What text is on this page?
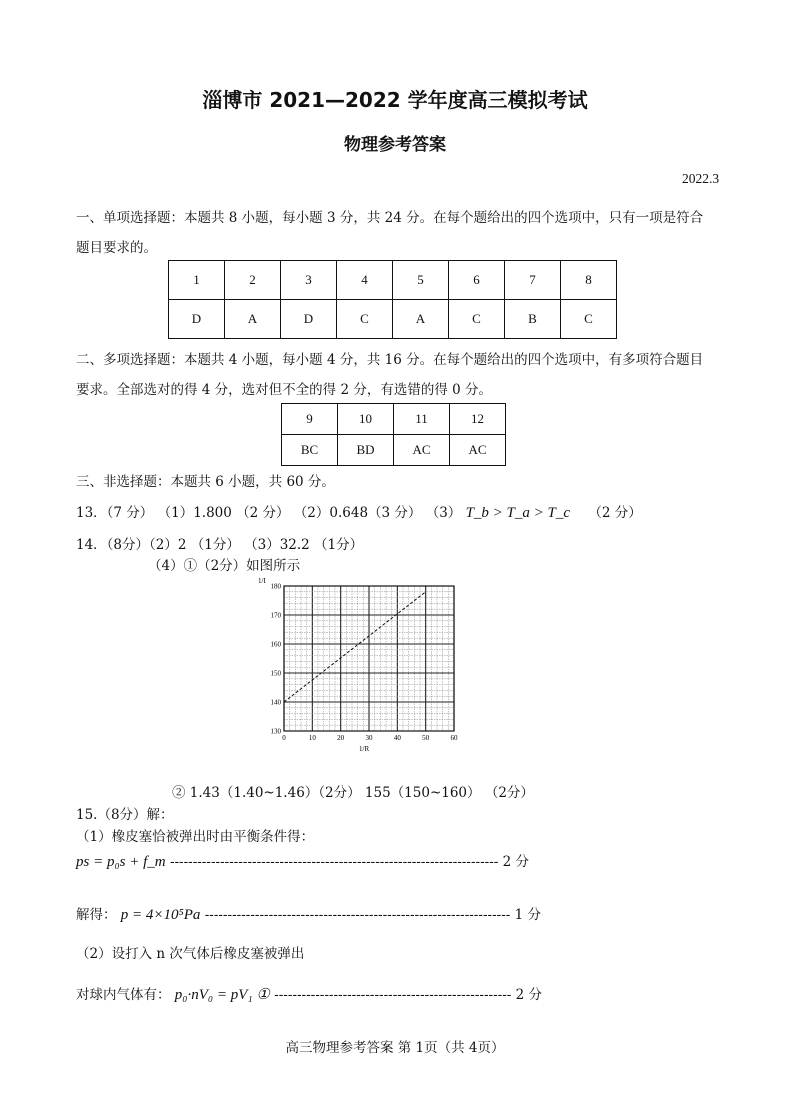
淄博市 2021—2022 学年度高三模拟考试
物理参考答案
2022.3
一、单项选择题：本题共 8 小题，每小题 3 分，共 24 分。在每个题给出的四个选项中，只有一项是符合
题目要求的。
1	2	3	4	5	6	7	8
D	A	D	C	A	C	B	C
二、多项选择题：本题共 4 小题，每小题 4 分，共 16 分。在每个题给出的四个选项中，有多项符合题目
要求。全部选对的得 4 分，选对但不全的得 2 分，有选错的得 0 分。
9	10	11	12
BC	BD	AC	AC
三、非选择题：本题共 6 小题，共 60 分。
13．（7 分） （1）1.800 （2 分） （2）0.648（3 分） （3） T_b > T_a > T_c （2 分）
14．（8分）（2）2 （1分） （3）32.2 （1分）
（4）①（2分）如图所示
0	10	20	30	40	50	60
130
140
150
160
170
180
1/I
1/R
② 1.43（1.40~1.46）（2分） 155（150~160） （2分）
15.（8分）解：
（1）橡皮塞恰被弹出时由平衡条件得：
ps = p₀s + f_m ------------------------------------------------------------------------ 2 分
解得： p = 4×10⁵Pa ------------------------------------------------------------------- 1 分
（2）设打入 n 次气体后橡皮塞被弹出
对球内气体有： p₀·nV₀ = pV₁ ① ---------------------------------------------------- 2 分
高三物理参考答案 第 1页（共 4页）
